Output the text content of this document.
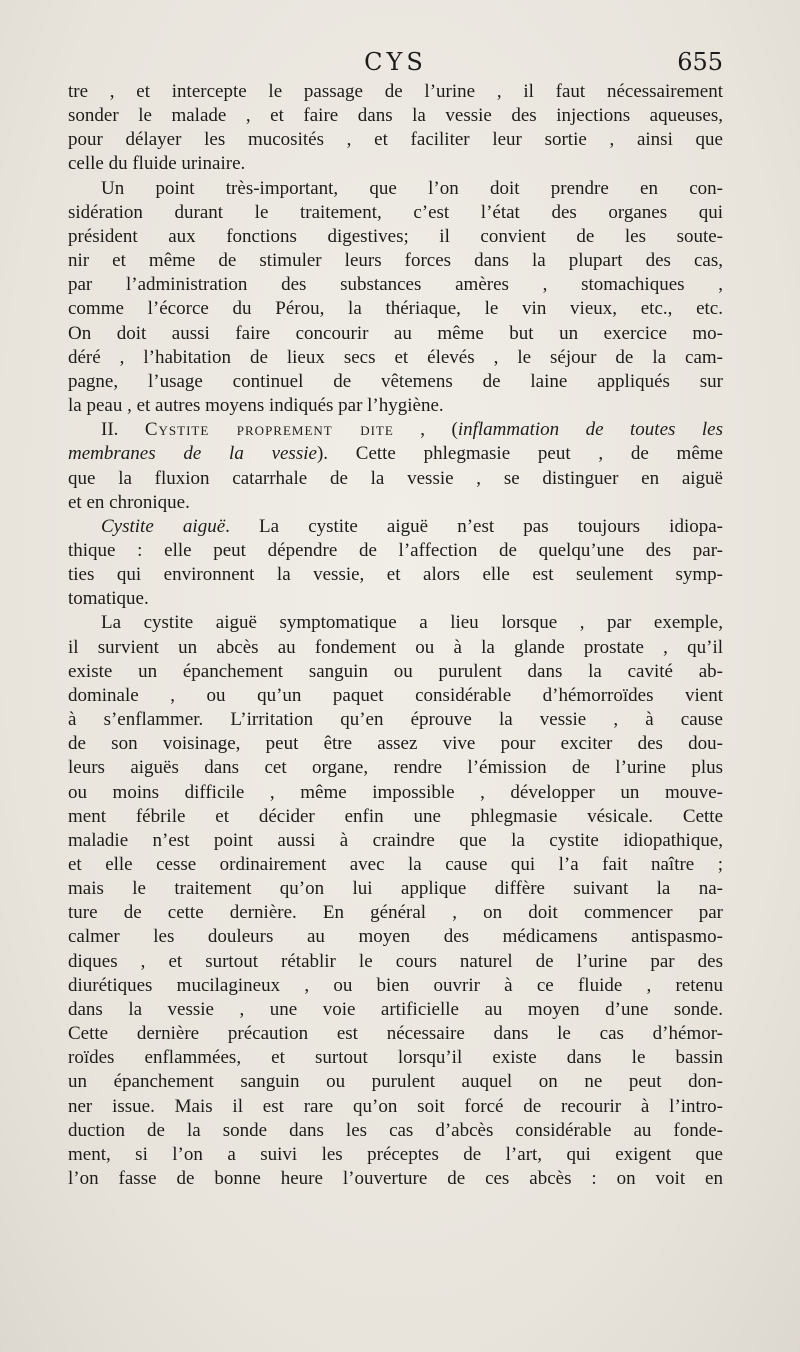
CYS	655
tre , et intercepte le passage de l’urine , il faut nécessairement
sonder le malade , et faire dans la vessie des injections aqueuses,
pour délayer les mucosités , et faciliter leur sortie , ainsi que
celle du fluide urinaire.
Un point très-important, que l’on doit prendre en con-
sidération durant le traitement, c’est l’état des organes qui
président aux fonctions digestives; il convient de les soute-
nir et même de stimuler leurs forces dans la plupart des cas,
par l’administration des substances amères , stomachiques ,
comme l’écorce du Pérou, la thériaque, le vin vieux, etc., etc.
On doit aussi faire concourir au même but un exercice mo-
déré , l’habitation de lieux secs et élevés , le séjour de la cam-
pagne, l’usage continuel de vêtemens de laine appliqués sur
la peau , et autres moyens indiqués par l’hygiène.
II. Cystite proprement dite , (inflammation de toutes les
membranes de la vessie). Cette phlegmasie peut , de même
que la fluxion catarrhale de la vessie , se distinguer en aiguë
et en chronique.
Cystite aiguë. La cystite aiguë n’est pas toujours idiopa-
thique : elle peut dépendre de l’affection de quelqu’une des par-
ties qui environnent la vessie, et alors elle est seulement symp-
tomatique.
La cystite aiguë symptomatique a lieu lorsque , par exemple,
il survient un abcès au fondement ou à la glande prostate , qu’il
existe un épanchement sanguin ou purulent dans la cavité ab-
dominale , ou qu’un paquet considérable d’hémorroïdes vient
à s’enflammer. L’irritation qu’en éprouve la vessie , à cause
de son voisinage, peut être assez vive pour exciter des dou-
leurs aiguës dans cet organe, rendre l’émission de l’urine plus
ou moins difficile , même impossible , développer un mouve-
ment fébrile et décider enfin une phlegmasie vésicale. Cette
maladie n’est point aussi à craindre que la cystite idiopathique,
et elle cesse ordinairement avec la cause qui l’a fait naître ;
mais le traitement qu’on lui applique diffère suivant la na-
ture de cette dernière. En général , on doit commencer par
calmer les douleurs au moyen des médicamens antispasmo-
diques , et surtout rétablir le cours naturel de l’urine par des
diurétiques mucilagineux , ou bien ouvrir à ce fluide , retenu
dans la vessie , une voie artificielle au moyen d’une sonde.
Cette dernière précaution est nécessaire dans le cas d’hémor-
roïdes enflammées, et surtout lorsqu’il existe dans le bassin
un épanchement sanguin ou purulent auquel on ne peut don-
ner issue. Mais il est rare qu’on soit forcé de recourir à l’intro-
duction de la sonde dans les cas d’abcès considérable au fonde-
ment, si l’on a suivi les préceptes de l’art, qui exigent que
l’on fasse de bonne heure l’ouverture de ces abcès : on voit en
